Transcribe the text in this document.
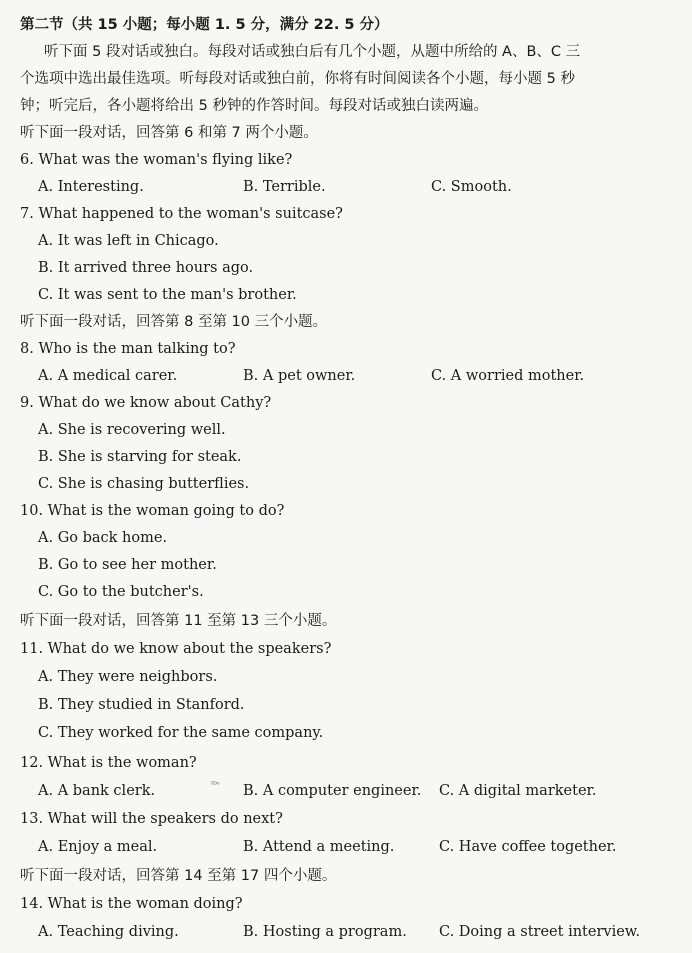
第二节（共 15 小题；每小题 1. 5 分，满分 22. 5 分）
听下面 5 段对话或独白。每段对话或独白后有几个小题，从题中所给的 A、B、C 三
个选项中选出最佳选项。听每段对话或独白前，你将有时间阅读各个小题，每小题 5 秒
钟；听完后，各小题将给出 5 秒钟的作答时间。每段对话或独白读两遍。
听下面一段对话，回答第 6 和第 7 两个小题。
6. What was the woman's flying like?
A. Interesting.	B. Terrible.	C. Smooth.
7. What happened to the woman's suitcase?
A. It was left in Chicago.
B. It arrived three hours ago.
C. It was sent to the man's brother.
听下面一段对话，回答第 8 至第 10 三个小题。
8. Who is the man talking to?
A. A medical carer.	B. A pet owner.	C. A worried mother.
9. What do we know about Cathy?
A. She is recovering well.
B. She is starving for steak.
C. She is chasing butterflies.
10. What is the woman going to do?
A. Go back home.
B. Go to see her mother.
C. Go to the butcher's.
听下面一段对话，回答第 11 至第 13 三个小题。
11. What do we know about the speakers?
A. They were neighbors.
B. They studied in Stanford.
C. They worked for the same company.
12. What is the woman?
A. A bank clerk.	B. A computer engineer. C. A digital marketer.
ᴵᴰˢ
13. What will the speakers do next?
A. Enjoy a meal.	B. Attend a meeting.	C. Have coffee together.
听下面一段对话，回答第 14 至第 17 四个小题。
14. What is the woman doing?
A. Teaching diving.	B. Hosting a program. C. Doing a street interview.
